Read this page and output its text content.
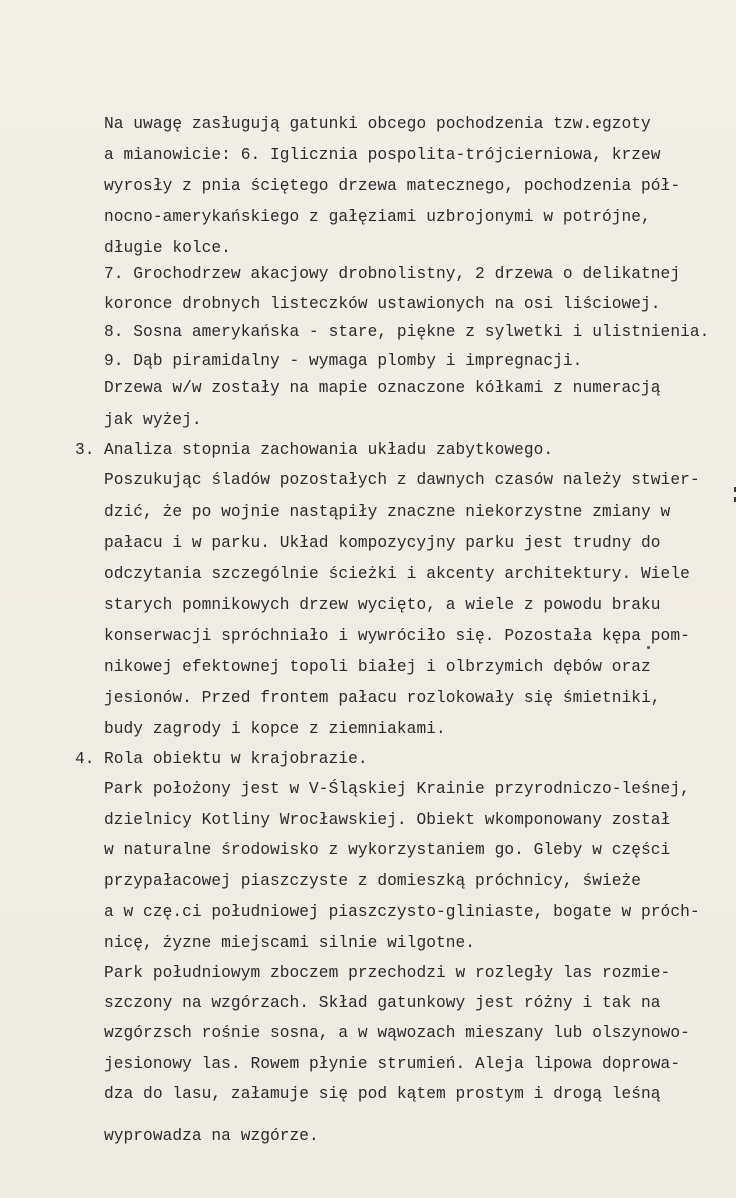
Na uwagę zasługują gatunki obcego pochodzenia tzw.egzoty
a mianowicie: 6. Iglicznia pospolita-trójcierniowa, krzew
wyrosły z pnia ściętego drzewa matecznego, pochodzenia pół-
nocno-amerykańskiego z gałęziami uzbrojonymi w potrójne,
długie kolce.
7. Grochodrzew akacjowy drobnolistny, 2 drzewa o delikatnej
koronce drobnych listeczków ustawionych na osi liściowej.
8. Sosna amerykańska - stare, piękne z sylwetki i ulistnienia.
9. Dąb piramidalny - wymaga plomby i impregnacji.
Drzewa w/w zostały na mapie oznaczone kółkami z numeracją
jak wyżej.
3. Analiza stopnia zachowania układu zabytkowego.
Poszukując śladów pozostałych z dawnych czasów należy stwier-
dzić, że po wojnie nastąpiły znaczne niekorzystne zmiany w
pałacu i w parku. Układ kompozycyjny parku jest trudny do
odczytania szczególnie ścieżki i akcenty architektury. Wiele
starych pomnikowych drzew wycięto, a wiele z powodu braku
konserwacji spróchniało i wywróciło się. Pozostała kępa pom-
nikowej efektownej topoli białej i olbrzymich dębów oraz
jesionów. Przed frontem pałacu rozlokowały się śmietniki,
budy zagrody i kopce z ziemniakami.
4. Rola obiektu w krajobrazie.
Park położony jest w V-Śląskiej Krainie przyrodniczo-leśnej,
dzielnicy Kotliny Wrocławskiej. Obiekt wkomponowany został
w naturalne środowisko z wykorzystaniem go. Gleby w części
przypałacowej piaszczyste z domieszką próchnicy, świeże
a w czę.ci południowej piaszczysto-gliniaste, bogate w próch-
nicę, żyzne miejscami silnie wilgotne.
Park południowym zboczem przechodzi w rozległy las rozmie-
szczony na wzgórzach. Skład gatunkowy jest różny i tak na
wzgórzsch rośnie sosna, a w wąwozach mieszany lub olszynowo-
jesionowy las. Rowem płynie strumień. Aleja lipowa doprowa-
dza do lasu, załamuje się pod kątem prostym i drogą leśną
wyprowadza na wzgórze.
